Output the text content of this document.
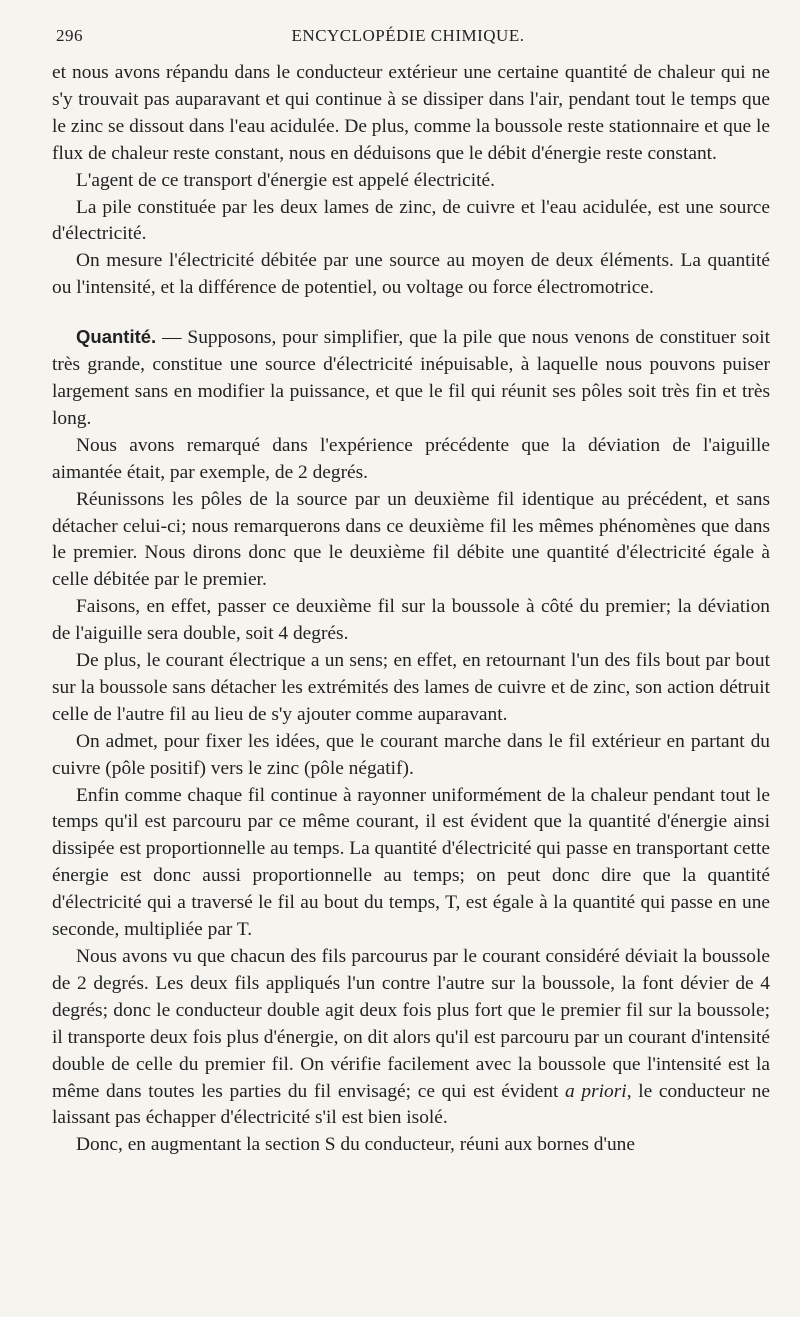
296	ENCYCLOPÉDIE CHIMIQUE.

et nous avons répandu dans le conducteur extérieur une certaine quantité de chaleur qui ne s'y trouvait pas auparavant et qui continue à se dissiper dans l'air, pendant tout le temps que le zinc se dissout dans l'eau acidulée. De plus, comme la boussole reste stationnaire et que le flux de chaleur reste constant, nous en déduisons que le débit d'énergie reste constant.

L'agent de ce transport d'énergie est appelé électricité.

La pile constituée par les deux lames de zinc, de cuivre et l'eau acidulée, est une source d'électricité.

On mesure l'électricité débitée par une source au moyen de deux éléments. La quantité ou l'intensité, et la différence de potentiel, ou voltage ou force électromotrice.

Quantité. — Supposons, pour simplifier, que la pile que nous venons de constituer soit très grande, constitue une source d'électricité inépuisable, à laquelle nous pouvons puiser largement sans en modifier la puissance, et que le fil qui réunit ses pôles soit très fin et très long.

Nous avons remarqué dans l'expérience précédente que la déviation de l'aiguille aimantée était, par exemple, de 2 degrés.

Réunissons les pôles de la source par un deuxième fil identique au précédent, et sans détacher celui-ci; nous remarquerons dans ce deuxième fil les mêmes phénomènes que dans le premier. Nous dirons donc que le deuxième fil débite une quantité d'électricité égale à celle débitée par le premier.

Faisons, en effet, passer ce deuxième fil sur la boussole à côté du premier; la déviation de l'aiguille sera double, soit 4 degrés.

De plus, le courant électrique a un sens; en effet, en retournant l'un des fils bout par bout sur la boussole sans détacher les extrémités des lames de cuivre et de zinc, son action détruit celle de l'autre fil au lieu de s'y ajouter comme auparavant.

On admet, pour fixer les idées, que le courant marche dans le fil extérieur en partant du cuivre (pôle positif) vers le zinc (pôle négatif).

Enfin comme chaque fil continue à rayonner uniformément de la chaleur pendant tout le temps qu'il est parcouru par ce même courant, il est évident que la quantité d'énergie ainsi dissipée est proportionnelle au temps. La quantité d'électricité qui passe en transportant cette énergie est donc aussi proportionnelle au temps; on peut donc dire que la quantité d'électricité qui a traversé le fil au bout du temps, T, est égale à la quantité qui passe en une seconde, multipliée par T.

Nous avons vu que chacun des fils parcourus par le courant considéré déviait la boussole de 2 degrés. Les deux fils appliqués l'un contre l'autre sur la boussole, la font dévier de 4 degrés; donc le conducteur double agit deux fois plus fort que le premier fil sur la boussole; il transporte deux fois plus d'énergie, on dit alors qu'il est parcouru par un courant d'intensité double de celle du premier fil. On vérifie facilement avec la boussole que l'intensité est la même dans toutes les parties du fil envisagé; ce qui est évident a priori, le conducteur ne laissant pas échapper d'électricité s'il est bien isolé.

Donc, en augmentant la section S du conducteur, réuni aux bornes d'une
